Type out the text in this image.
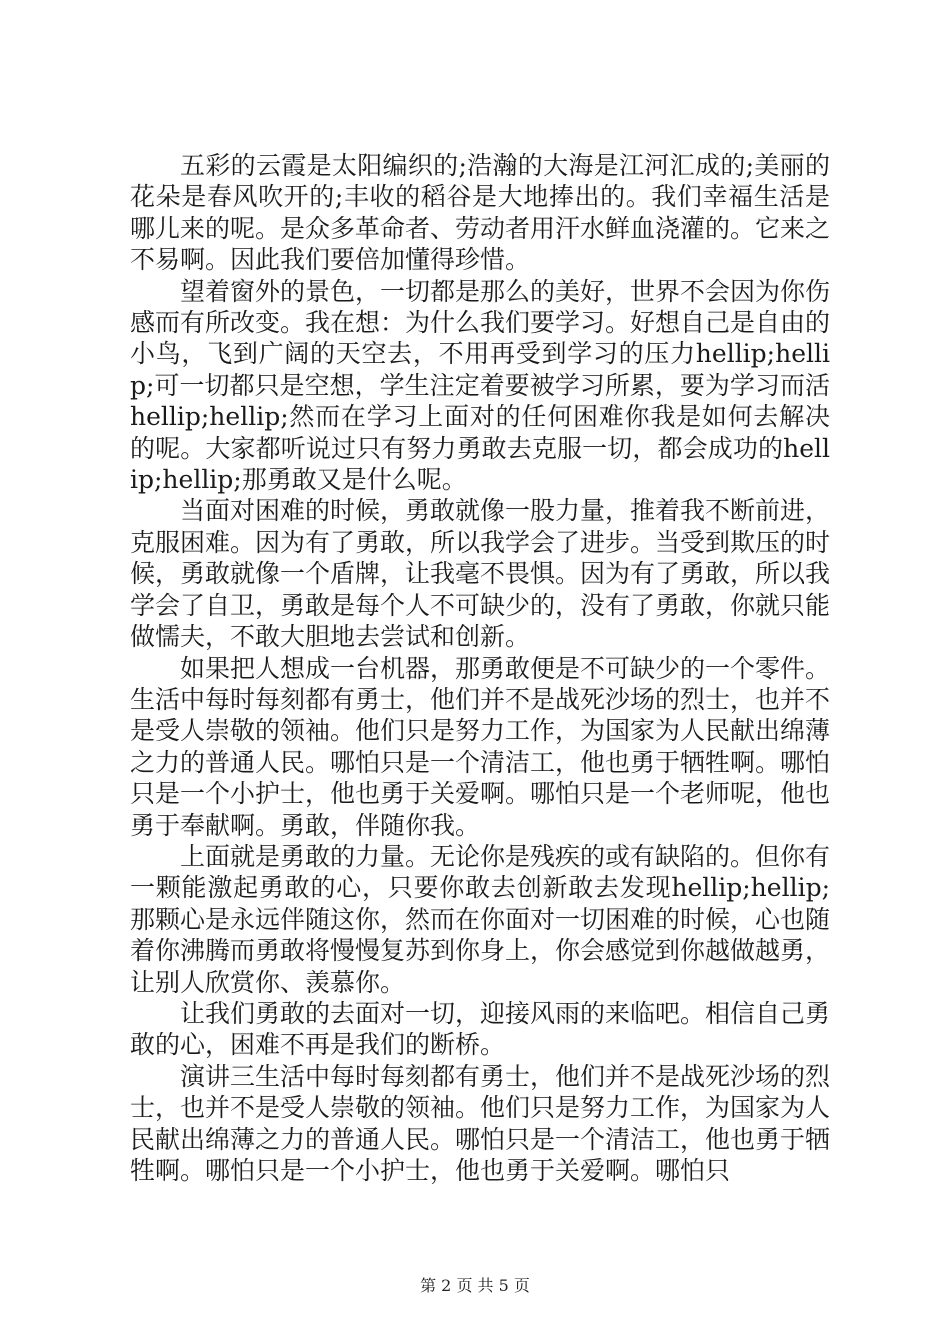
五彩的云霞是太阳编织的;浩瀚的大海是江河汇成的;美丽的花朵是春风吹开的;丰收的稻谷是大地捧出的。我们幸福生活是哪儿来的呢。是众多革命者、劳动者用汗水鲜血浇灌的。它来之不易啊。因此我们要倍加懂得珍惜。

望着窗外的景色，一切都是那么的美好，世界不会因为你伤感而有所改变。我在想：为什么我们要学习。好想自己是自由的小鸟，飞到广阔的天空去，不用再受到学习的压力hellip;hellip;可一切都只是空想，学生注定着要被学习所累，要为学习而活hellip;hellip;然而在学习上面对的任何困难你我是如何去解决的呢。大家都听说过只有努力勇敢去克服一切，都会成功的hellip;hellip;那勇敢又是什么呢。

当面对困难的时候，勇敢就像一股力量，推着我不断前进，克服困难。因为有了勇敢，所以我学会了进步。当受到欺压的时候，勇敢就像一个盾牌，让我毫不畏惧。因为有了勇敢，所以我学会了自卫，勇敢是每个人不可缺少的，没有了勇敢，你就只能做懦夫，不敢大胆地去尝试和创新。

如果把人想成一台机器，那勇敢便是不可缺少的一个零件。生活中每时每刻都有勇士，他们并不是战死沙场的烈士，也并不是受人崇敬的领袖。他们只是努力工作，为国家为人民献出绵薄之力的普通人民。哪怕只是一个清洁工，他也勇于牺牲啊。哪怕只是一个小护士，他也勇于关爱啊。哪怕只是一个老师呢，他也勇于奉献啊。勇敢，伴随你我。

上面就是勇敢的力量。无论你是残疾的或有缺陷的。但你有一颗能激起勇敢的心，只要你敢去创新敢去发现hellip;hellip;那颗心是永远伴随这你，然而在你面对一切困难的时候，心也随着你沸腾而勇敢将慢慢复苏到你身上，你会感觉到你越做越勇，让别人欣赏你、羡慕你。

让我们勇敢的去面对一切，迎接风雨的来临吧。相信自己勇敢的心，困难不再是我们的断桥。

演讲三生活中每时每刻都有勇士，他们并不是战死沙场的烈士，也并不是受人崇敬的领袖。他们只是努力工作，为国家为人民献出绵薄之力的普通人民。哪怕只是一个清洁工，他也勇于牺牲啊。哪怕只是一个小护士，他也勇于关爱啊。哪怕只

第 2 页 共 5 页
